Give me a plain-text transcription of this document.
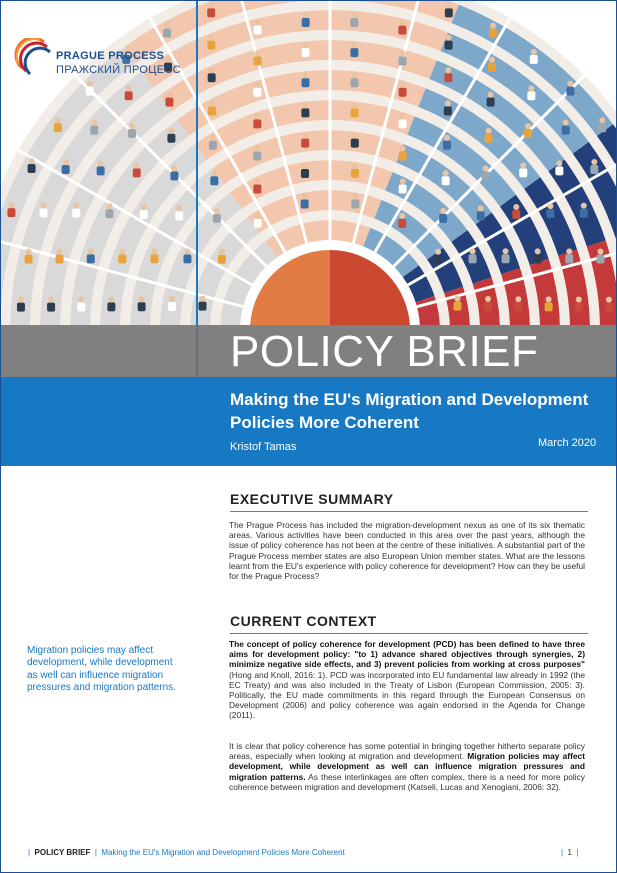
PRAGUE PROCESS
ПРАЖСКИЙ ПРОЦЕСС
POLICY BRIEF
Making the EU's Migration and Development Policies More Coherent
Kristof Tamas	March 2020
Migration policies may affect development, while development as well can influence migration pressures and migration patterns.
EXECUTIVE SUMMARY
The Prague Process has included the migration-development nexus as one of its six thematic areas. Various activities have been conducted in this area over the past years, although the issue of policy coherence has not been at the centre of these initiatives. A substantial part of the Prague Process member states are also European Union member states. What are the lessons learnt from the EU's experience with policy coherence for development? How can they be useful for the Prague Process?
CURRENT CONTEXT
The concept of policy coherence for development (PCD) has been defined to have three aims for development policy: "to 1) advance shared objectives through synergies, 2) minimize negative side effects, and 3) prevent policies from working at cross purposes" (Hong and Knoll, 2016: 1). PCD was incorporated into EU fundamental law already in 1992 (the EC Treaty) and was also included in the Treaty of Lisbon (European Commission, 2005: 3). Politically, the EU made commitments in this regard through the European Consensus on Development (2006) and policy coherence was again endorsed in the Agenda for Change (2011).
It is clear that policy coherence has some potential in bringing together hitherto separate policy areas, especially when looking at migration and development. Migration policies may affect development, while development as well can influence migration pressures and migration patterns. As these interlinkages are often complex, there is a need for more policy coherence between migration and development (Katseli, Lucas and Xenogiani, 2006: 32).
| POLICY BRIEF | Making the EU's Migration and Development Policies More Coherent	| 1 |
